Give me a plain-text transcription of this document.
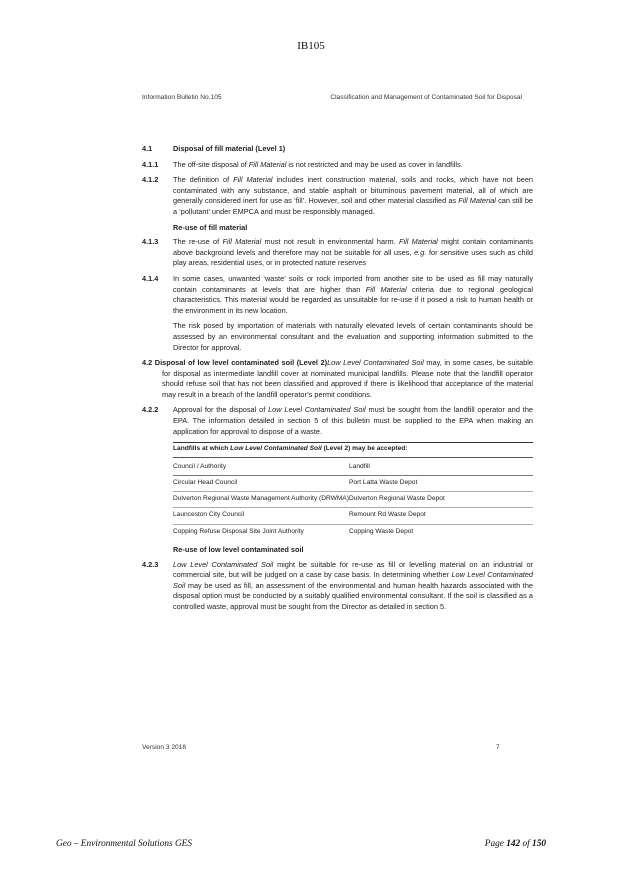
IB105
Information Bulletin No.105	Classification and Management of Contaminated Soil for Disposal
4.1	Disposal of fill material (Level 1)
4.1.1	The off-site disposal of Fill Material is not restricted and may be used as cover in landfills.
4.1.2	The definition of Fill Material includes inert construction material, soils and rocks, which have not been contaminated with any substance, and stable asphalt or bituminous pavement material, all of which are generally considered inert for use as ‘fill’. However, soil and other material classified as Fill Material can still be a ‘pollutant’ under EMPCA and must be responsibly managed.
Re-use of fill material
4.1.3	The re-use of Fill Material must not result in environmental harm. Fill Material might contain contaminants above background levels and therefore may not be suitable for all uses, e.g. for sensitive uses such as child play areas, residential uses, or in protected nature reserves
4.1.4	In some cases, unwanted ‘waste’ soils or rock imported from another site to be used as fill may naturally contain contaminants at levels that are higher than Fill Material criteria due to regional geological characteristics. This material would be regarded as unsuitable for re-use if it posed a risk to human health or the environment in its new location.
The risk posed by importation of materials with naturally elevated levels of certain contaminants should be assessed by an environmental consultant and the evaluation and supporting information submitted to the Director for approval.
4.2 Disposal of low level contaminated soil (Level 2)Low Level Contaminated Soil may, in some cases, be suitable for disposal as intermediate landfill cover at nominated municipal landfills. Please note that the landfill operator should refuse soil that has not been classified and approved if there is likelihood that acceptance of the material may result in a breach of the landfill operator’s permit conditions.
4.2.2	Approval for the disposal of Low Level Contaminated Soil must be sought from the landfill operator and the EPA. The information detailed in section 5 of this bulletin must be supplied to the EPA when making an application for approval to dispose of a waste.
Landfills at which Low Level Contaminated Soil (Level 2) may be accepted:	
Council / Authority	Landfill
Circular Head Council	Port Latta Waste Depot
Dulverton Regional Waste Management Authority (DRWMA)	Dulverton Regional Waste Depot
Launceston City Council	Remount Rd Waste Depot
Copping Refuse Disposal Site Joint Authority	Copping Waste Depot
Re-use of low level contaminated soil
4.2.3	Low Level Contaminated Soil might be suitable for re-use as fill or levelling material on an industrial or commercial site, but will be judged on a case by case basis. In determining whether Low Level Contaminated Soil may be used as fill, an assessment of the environmental and human health hazards associated with the disposal option must be conducted by a suitably qualified environmental consultant. If the soil is classified as a controlled waste, approval must be sought from the Director as detailed in section 5.
Version 3 2018	7
Geo – Environmental Solutions GES	Page 142 of 150
